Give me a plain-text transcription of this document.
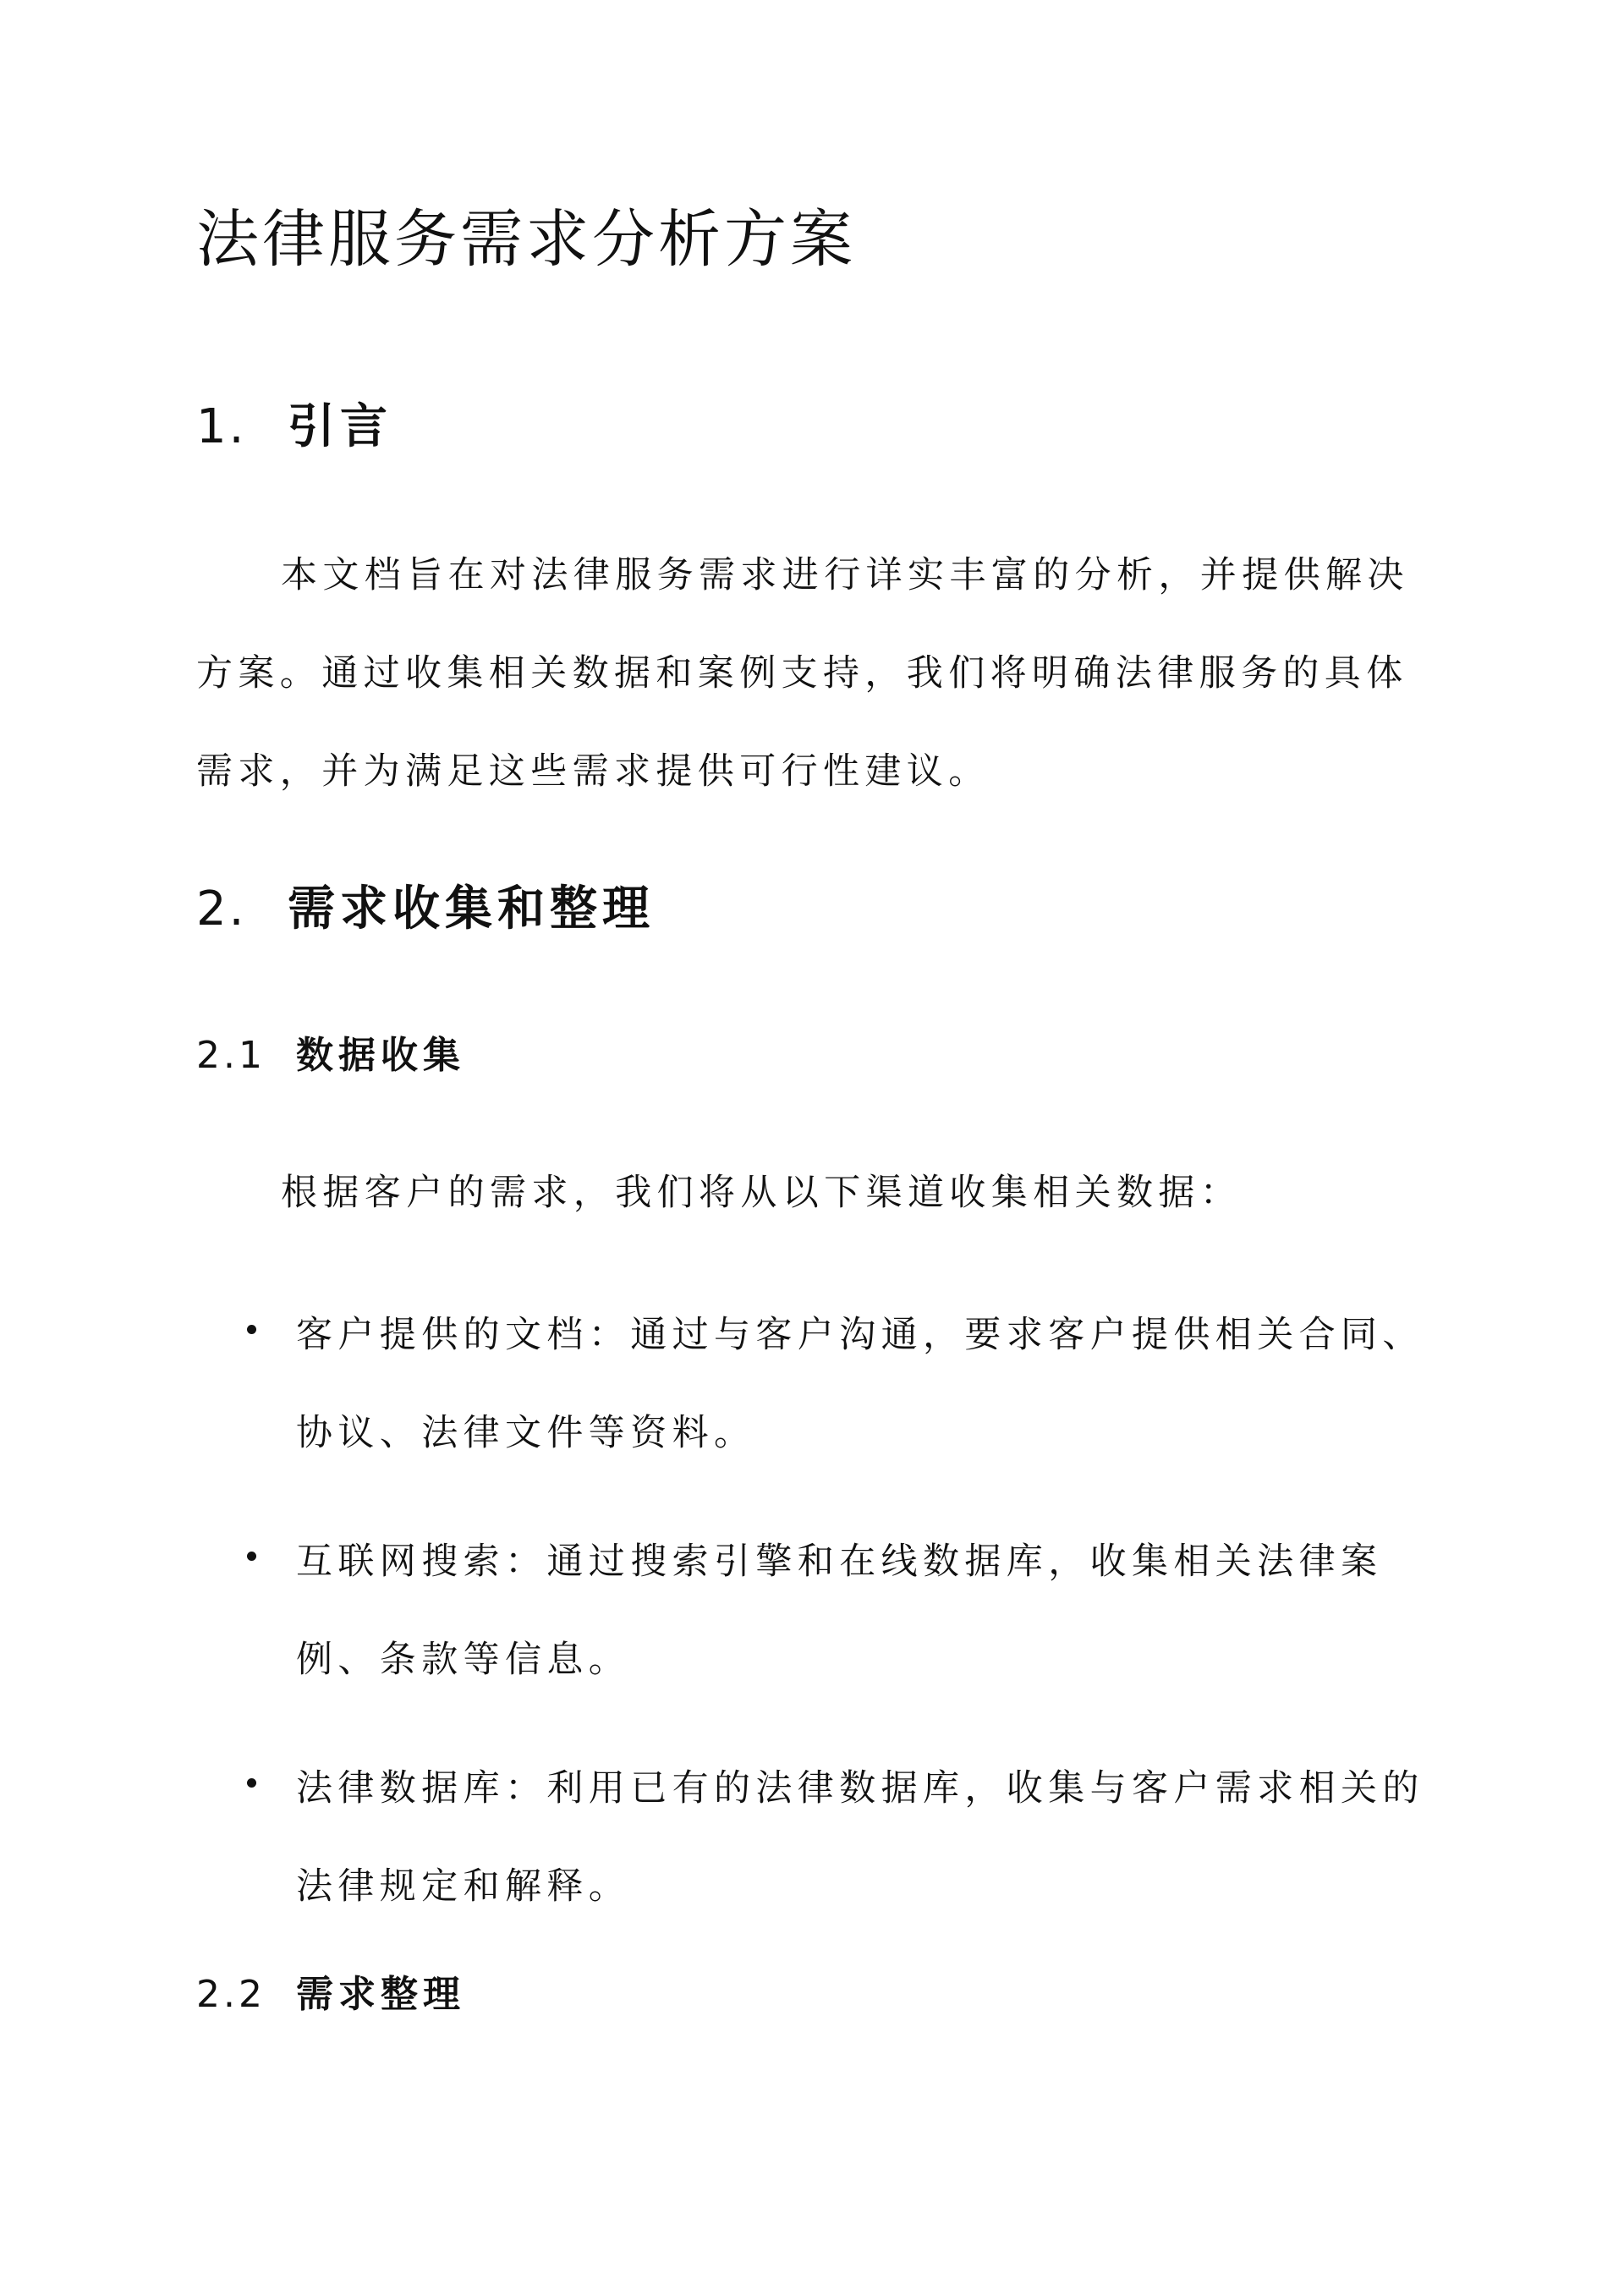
法律服务需求分析方案
1. 引言

本文档旨在对法律服务需求进行详实丰富的分析，并提供解决方案。通过收集相关数据和案例支持，我们将明确法律服务的具体需求，并为满足这些需求提供可行性建议。

2. 需求收集和整理
2.1 数据收集
根据客户的需求，我们将从以下渠道收集相关数据：

客户提供的文档：通过与客户沟通，要求客户提供相关合同、协议、法律文件等资料。

互联网搜索：通过搜索引擎和在线数据库，收集相关法律案例、条款等信息。

法律数据库：利用已有的法律数据库，收集与客户需求相关的法律规定和解释。

2.2 需求整理
